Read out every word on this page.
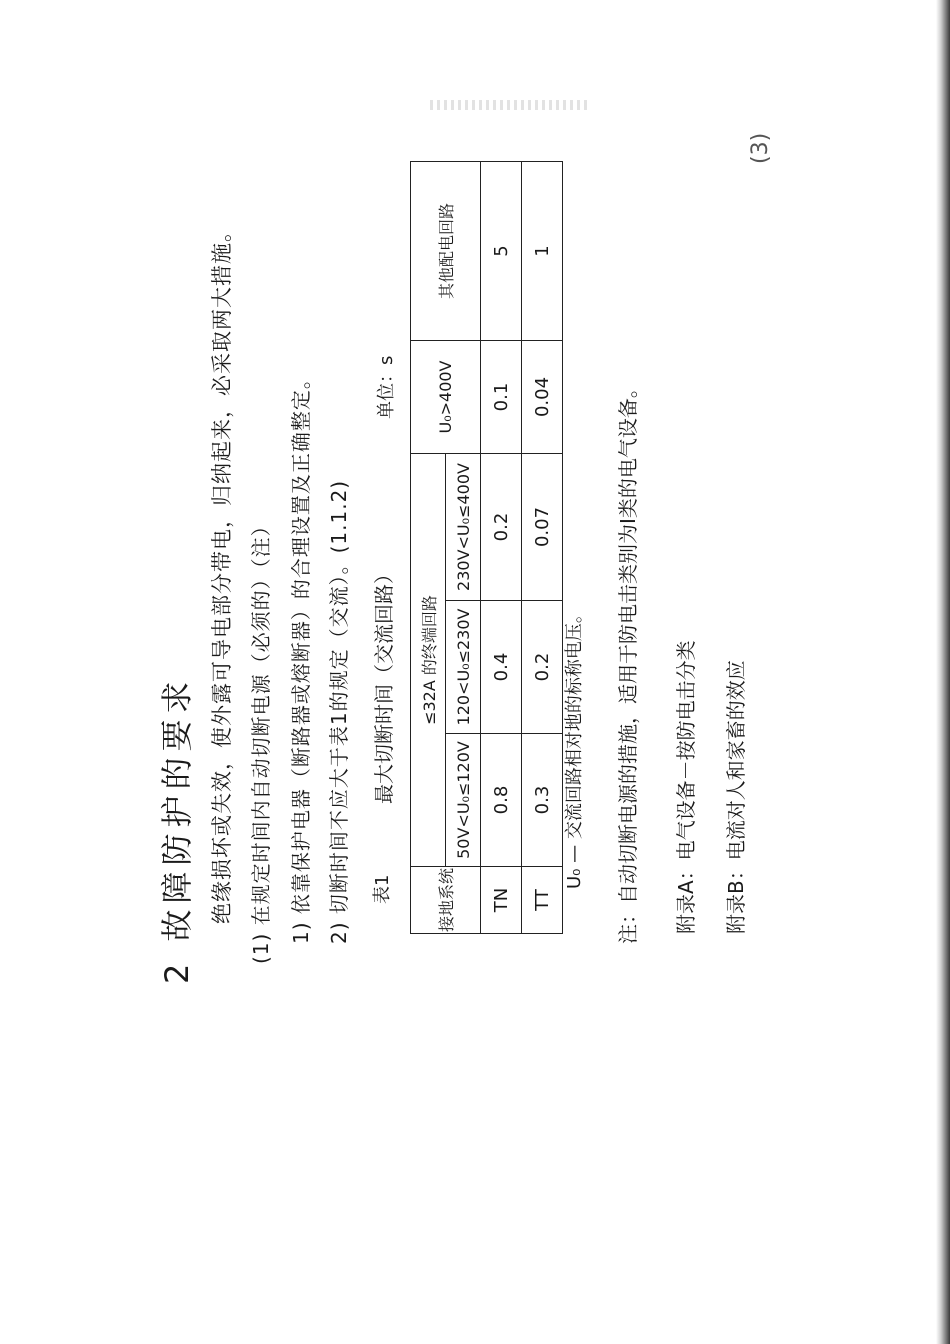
2 故障防护的要求 绝缘损坏或失效，使外露可导电部分带电，归纳起来，必采取两大措施。 (1) 在规定时间内自动切断电源（必须的）（注） 1) 依靠保护电器（断路器或熔断器）的合理设置及正确整定。 2) 切断时间不应大于表1的规定（交流）。(1.1.2) 表1
最大切断时间（交流回路）
单位：s
接地系统	≤32A 的终端回路			U₀>400V	其他配电回路
	50V<U₀≤120V	120<U₀≤230V	230V<U₀≤400V		
TN	0.8	0.4	0.2	0.1	5
TT	0.3	0.2	0.07	0.04	1
U₀ — 交流回路相对地的标称电压。 注：自动切断电源的措施，适用于防电击类别为Ⅰ类的电气设备。 附录A：电气设备－按防电击分类 附录B：电流对人和家畜的效应
(3)
